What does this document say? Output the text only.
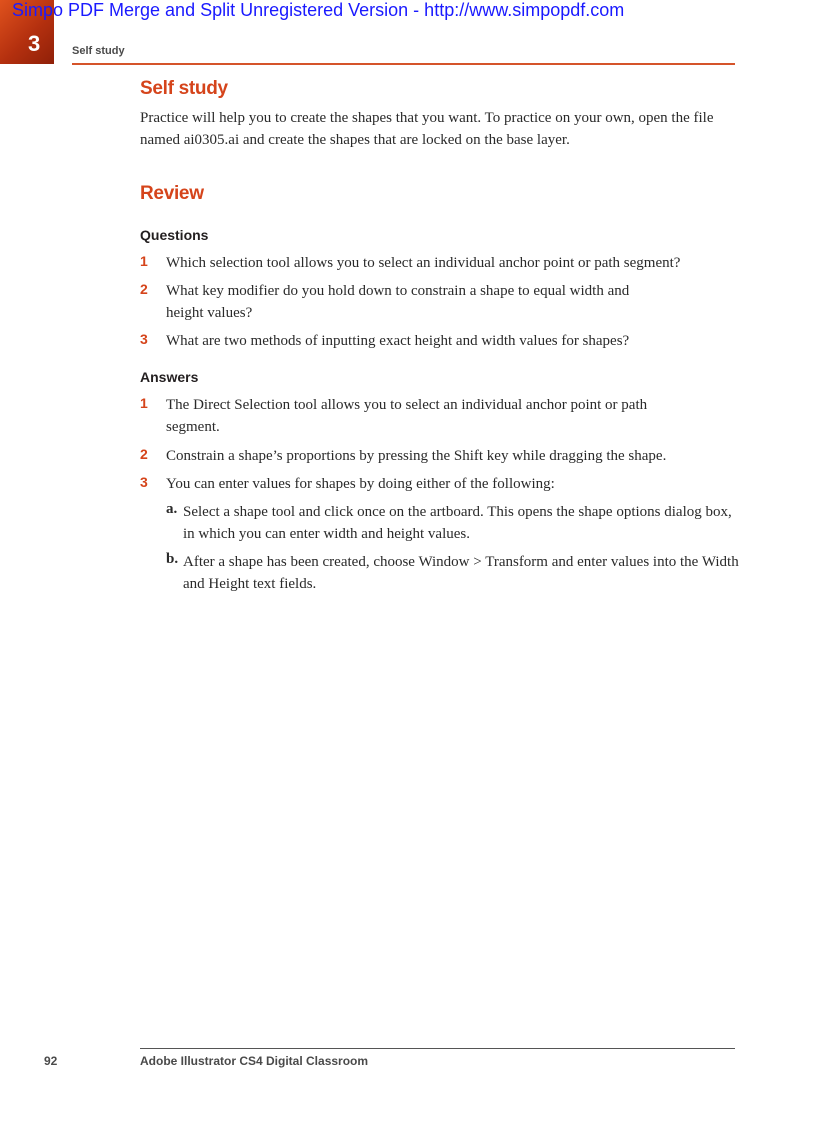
Simpo PDF Merge and Split Unregistered Version - http://www.simpopdf.com
3	Self study
Self study
Practice will help you to create the shapes that you want. To practice on your own, open the file named ai0305.ai and create the shapes that are locked on the base layer.
Review
Questions
1 Which selection tool allows you to select an individual anchor point or path segment?
2 What key modifier do you hold down to constrain a shape to equal width and height values?
3 What are two methods of inputting exact height and width values for shapes?
Answers
1 The Direct Selection tool allows you to select an individual anchor point or path segment.
2 Constrain a shape’s proportions by pressing the Shift key while dragging the shape.
3 You can enter values for shapes by doing either of the following:
a. Select a shape tool and click once on the artboard. This opens the shape options dialog box, in which you can enter width and height values.
b. After a shape has been created, choose Window > Transform and enter values into the Width and Height text fields.
92	Adobe Illustrator CS4 Digital Classroom
